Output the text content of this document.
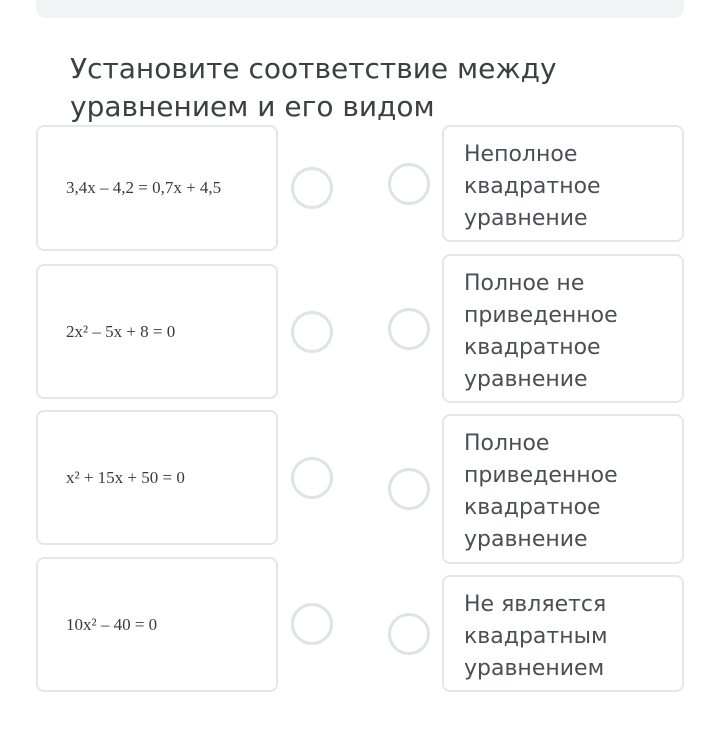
Установите соответствие между уравнением и его видом
3,4x – 4,2 = 0,7x + 4,5
2x² – 5x + 8 = 0
x² + 15x + 50 = 0
10x² – 40 = 0
Неполное квадратное уравнение
Полное не приведенное квадратное уравнение
Полное приведенное квадратное уравнение
Не является квадратным уравнением
